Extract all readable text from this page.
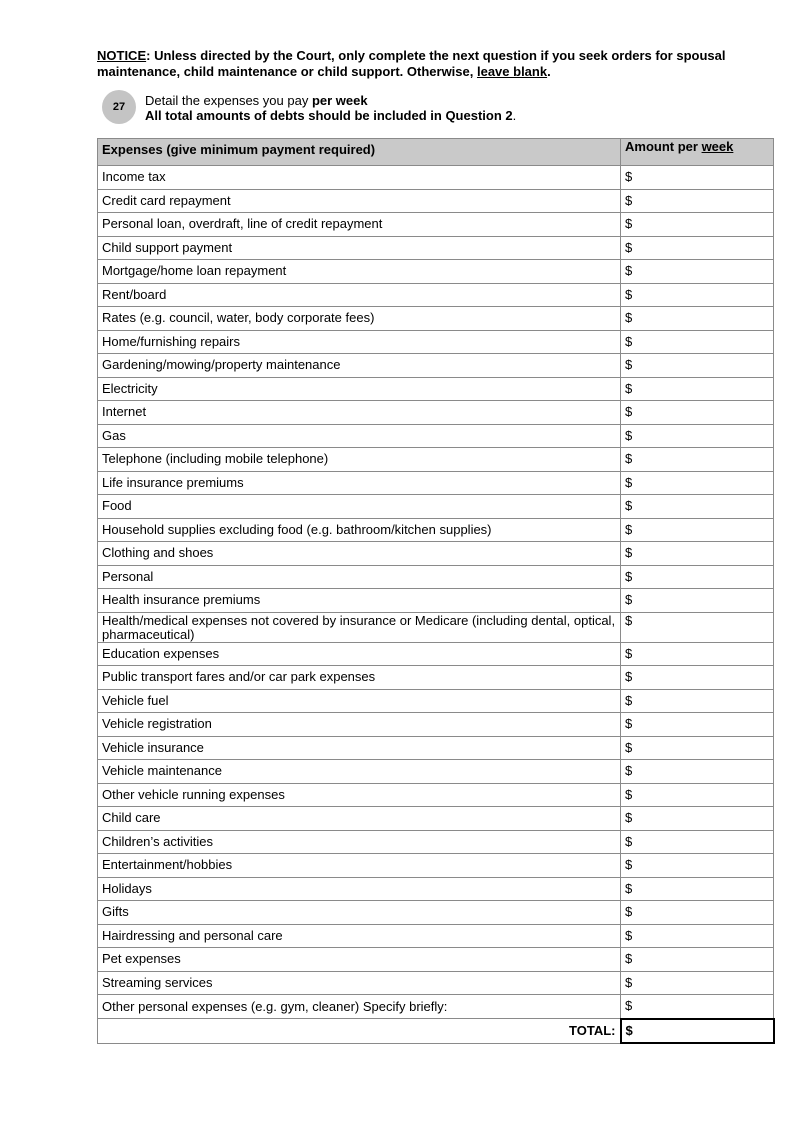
NOTICE: Unless directed by the Court, only complete the next question if you seek orders for spousal maintenance, child maintenance or child support. Otherwise, leave blank.
27 Detail the expenses you pay per week
All total amounts of debts should be included in Question 2.
Expenses (give minimum payment required)	Amount per week
Income tax	$
Credit card repayment	$
Personal loan, overdraft, line of credit repayment	$
Child support payment	$
Mortgage/home loan repayment	$
Rent/board	$
Rates (e.g. council, water, body corporate fees)	$
Home/furnishing repairs	$
Gardening/mowing/property maintenance	$
Electricity	$
Internet	$
Gas	$
Telephone (including mobile telephone)	$
Life insurance premiums	$
Food	$
Household supplies excluding food (e.g. bathroom/kitchen supplies)	$
Clothing and shoes	$
Personal	$
Health insurance premiums	$
Health/medical expenses not covered by insurance or Medicare (including dental, optical, pharmaceutical)	$
Education expenses	$
Public transport fares and/or car park expenses	$
Vehicle fuel	$
Vehicle registration	$
Vehicle insurance	$
Vehicle maintenance	$
Other vehicle running expenses	$
Child care	$
Children’s activities	$
Entertainment/hobbies	$
Holidays	$
Gifts	$
Hairdressing and personal care	$
Pet expenses	$
Streaming services	$
Other personal expenses (e.g. gym, cleaner) Specify briefly:	$
TOTAL:	$
